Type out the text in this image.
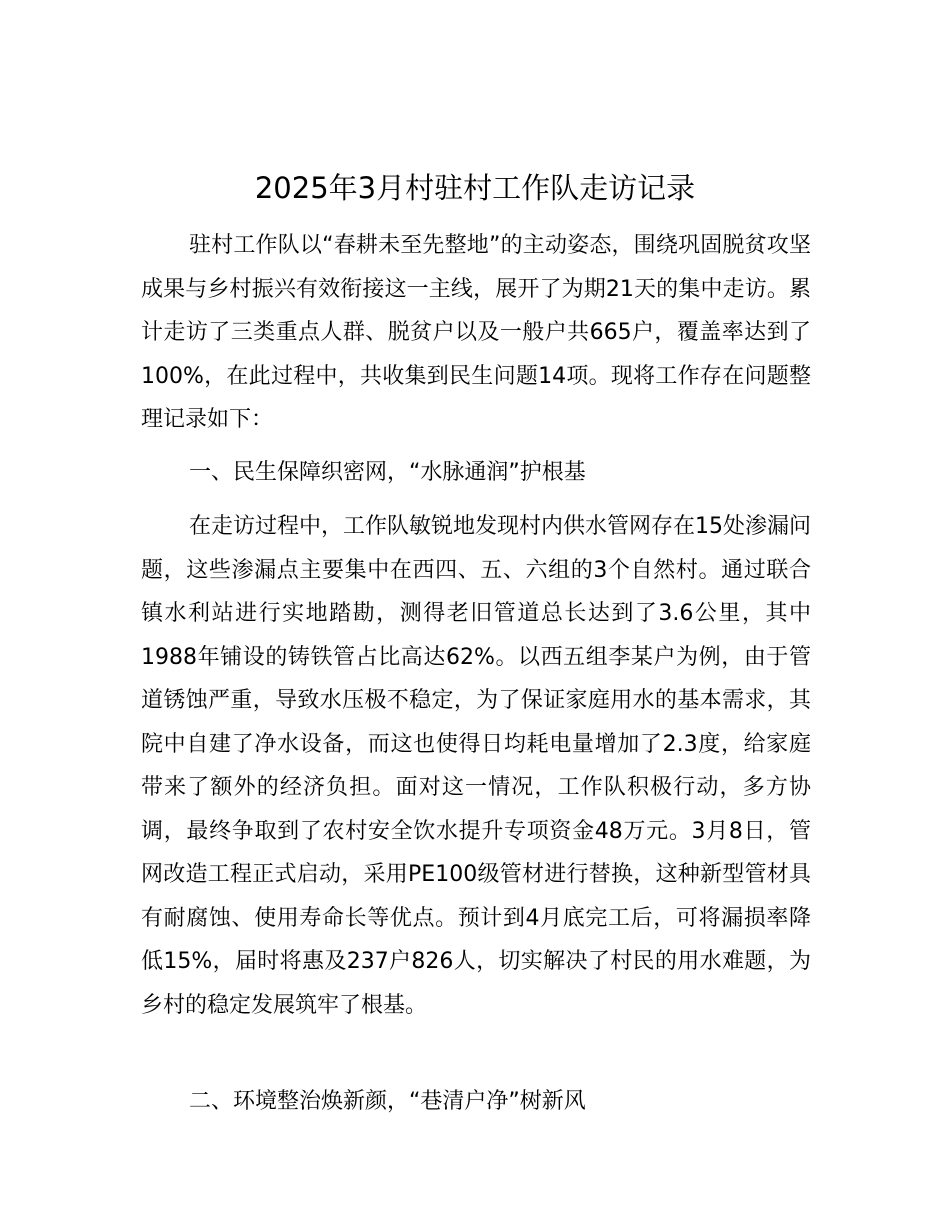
2025年3月村驻村工作队走访记录

驻村工作队以“春耕未至先整地”的主动姿态，围绕巩固脱贫攻坚成果与乡村振兴有效衔接这一主线，展开了为期21天的集中走访。累计走访了三类重点人群、脱贫户以及一般户共665户，覆盖率达到了100%，在此过程中，共收集到民生问题14项。现将工作存在问题整理记录如下：

一、民生保障织密网，“水脉通润”护根基

在走访过程中，工作队敏锐地发现村内供水管网存在15处渗漏问题，这些渗漏点主要集中在西四、五、六组的3个自然村。通过联合镇水利站进行实地踏勘，测得老旧管道总长达到了3.6公里，其中1988年铺设的铸铁管占比高达62%。以西五组李某户为例，由于管道锈蚀严重，导致水压极不稳定，为了保证家庭用水的基本需求，其院中自建了净水设备，而这也使得日均耗电量增加了2.3度，给家庭带来了额外的经济负担。面对这一情况，工作队积极行动，多方协调，最终争取到了农村安全饮水提升专项资金48万元。3月8日，管网改造工程正式启动，采用PE100级管材进行替换，这种新型管材具有耐腐蚀、使用寿命长等优点。预计到4月底完工后，可将漏损率降低15%，届时将惠及237户826人，切实解决了村民的用水难题，为乡村的稳定发展筑牢了根基。

二、环境整治焕新颜，“巷清户净”树新风
